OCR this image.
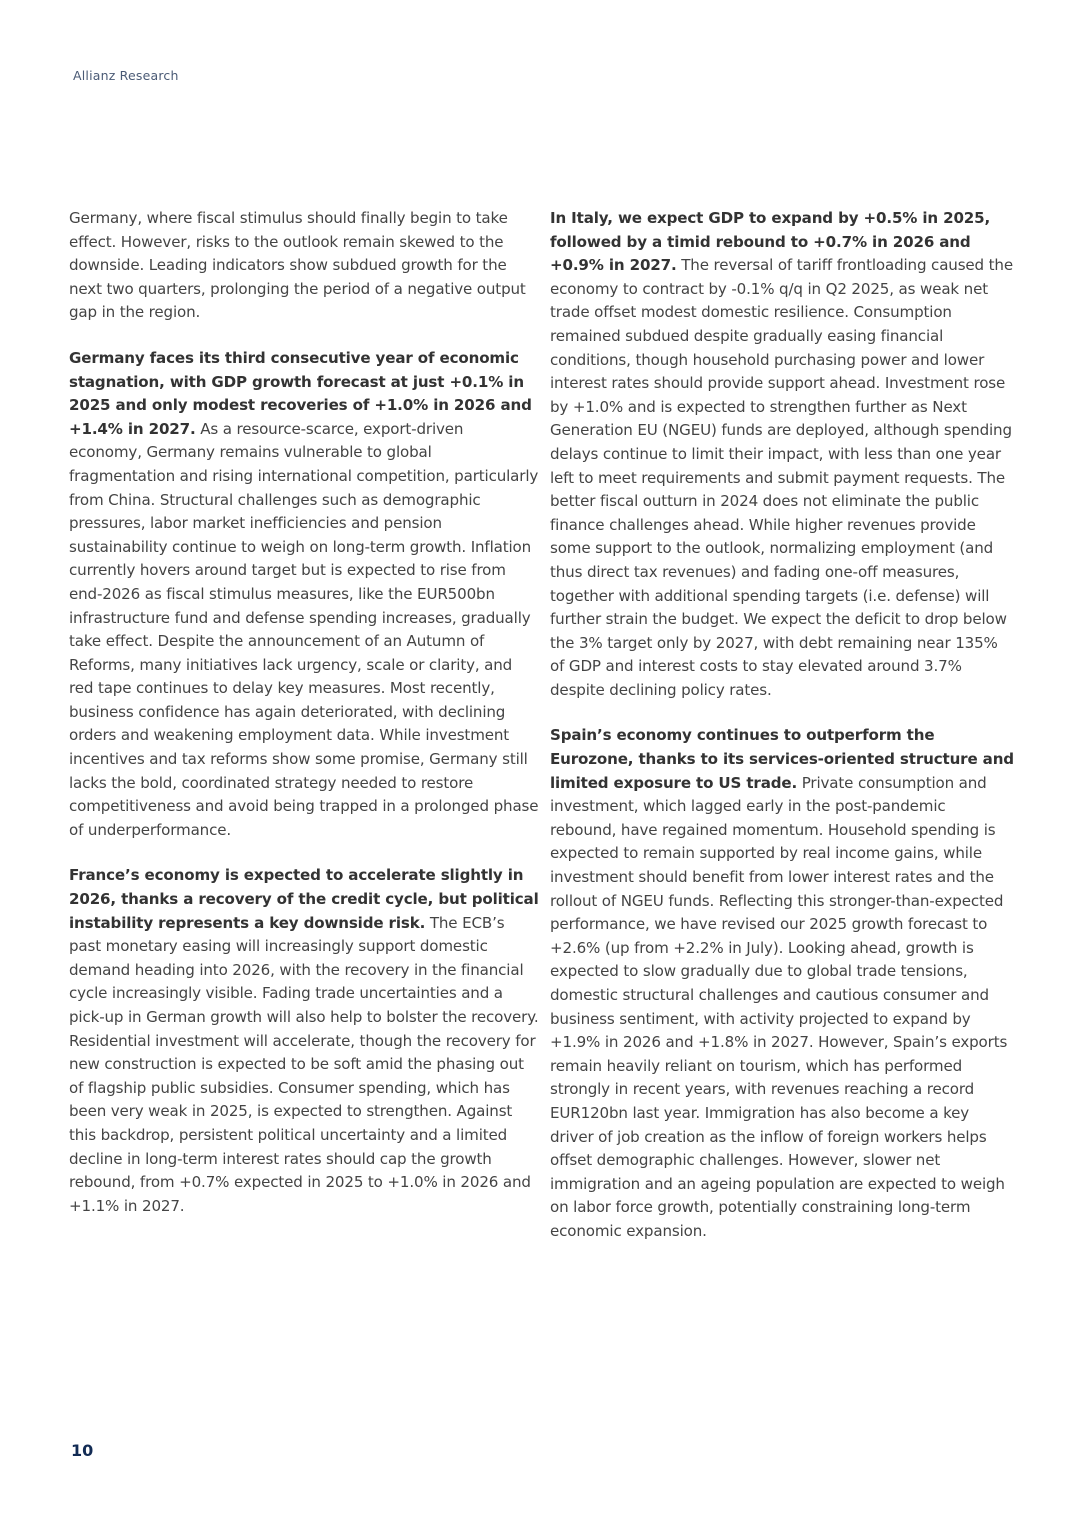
Allianz Research

Germany, where fiscal stimulus should finally begin to take effect. However, risks to the outlook remain skewed to the downside. Leading indicators show subdued growth for the next two quarters, prolonging the period of a negative output gap in the region.

Germany faces its third consecutive year of economic stagnation, with GDP growth forecast at just +0.1% in 2025 and only modest recoveries of +1.0% in 2026 and +1.4% in 2027. As a resource-scarce, export-driven economy, Germany remains vulnerable to global fragmentation and rising international competition, particularly from China. Structural challenges such as demographic pressures, labor market inefficiencies and pension sustainability continue to weigh on long-term growth. Inflation currently hovers around target but is expected to rise from end-2026 as fiscal stimulus measures, like the EUR500bn infrastructure fund and defense spending increases, gradually take effect. Despite the announcement of an Autumn of Reforms, many initiatives lack urgency, scale or clarity, and red tape continues to delay key measures. Most recently, business confidence has again deteriorated, with declining orders and weakening employment data. While investment incentives and tax reforms show some promise, Germany still lacks the bold, coordinated strategy needed to restore competitiveness and avoid being trapped in a prolonged phase of underperformance.

France’s economy is expected to accelerate slightly in 2026, thanks a recovery of the credit cycle, but political instability represents a key downside risk. The ECB’s past monetary easing will increasingly support domestic demand heading into 2026, with the recovery in the financial cycle increasingly visible. Fading trade uncertainties and a pick-up in German growth will also help to bolster the recovery. Residential investment will accelerate, though the recovery for new construction is expected to be soft amid the phasing out of flagship public subsidies. Consumer spending, which has been very weak in 2025, is expected to strengthen. Against this backdrop, persistent political uncertainty and a limited decline in long-term interest rates should cap the growth rebound, from +0.7% expected in 2025 to +1.0% in 2026 and +1.1% in 2027.

In Italy, we expect GDP to expand by +0.5% in 2025, followed by a timid rebound to +0.7% in 2026 and +0.9% in 2027. The reversal of tariff frontloading caused the economy to contract by -0.1% q/q in Q2 2025, as weak net trade offset modest domestic resilience. Consumption remained subdued despite gradually easing financial conditions, though household purchasing power and lower interest rates should provide support ahead. Investment rose by +1.0% and is expected to strengthen further as Next Generation EU (NGEU) funds are deployed, although spending delays continue to limit their impact, with less than one year left to meet requirements and submit payment requests. The better fiscal outturn in 2024 does not eliminate the public finance challenges ahead. While higher revenues provide some support to the outlook, normalizing employment (and thus direct tax revenues) and fading one-off measures, together with additional spending targets (i.e. defense) will further strain the budget. We expect the deficit to drop below the 3% target only by 2027, with debt remaining near 135% of GDP and interest costs to stay elevated around 3.7% despite declining policy rates.

Spain’s economy continues to outperform the Eurozone, thanks to its services-oriented structure and limited exposure to US trade. Private consumption and investment, which lagged early in the post-pandemic rebound, have regained momentum. Household spending is expected to remain supported by real income gains, while investment should benefit from lower interest rates and the rollout of NGEU funds. Reflecting this stronger-than-expected performance, we have revised our 2025 growth forecast to +2.6% (up from +2.2% in July). Looking ahead, growth is expected to slow gradually due to global trade tensions, domestic structural challenges and cautious consumer and business sentiment, with activity projected to expand by +1.9% in 2026 and +1.8% in 2027. However, Spain’s exports remain heavily reliant on tourism, which has performed strongly in recent years, with revenues reaching a record EUR120bn last year. Immigration has also become a key driver of job creation as the inflow of foreign workers helps offset demographic challenges. However, slower net immigration and an ageing population are expected to weigh on labor force growth, potentially constraining long-term economic expansion.

10
